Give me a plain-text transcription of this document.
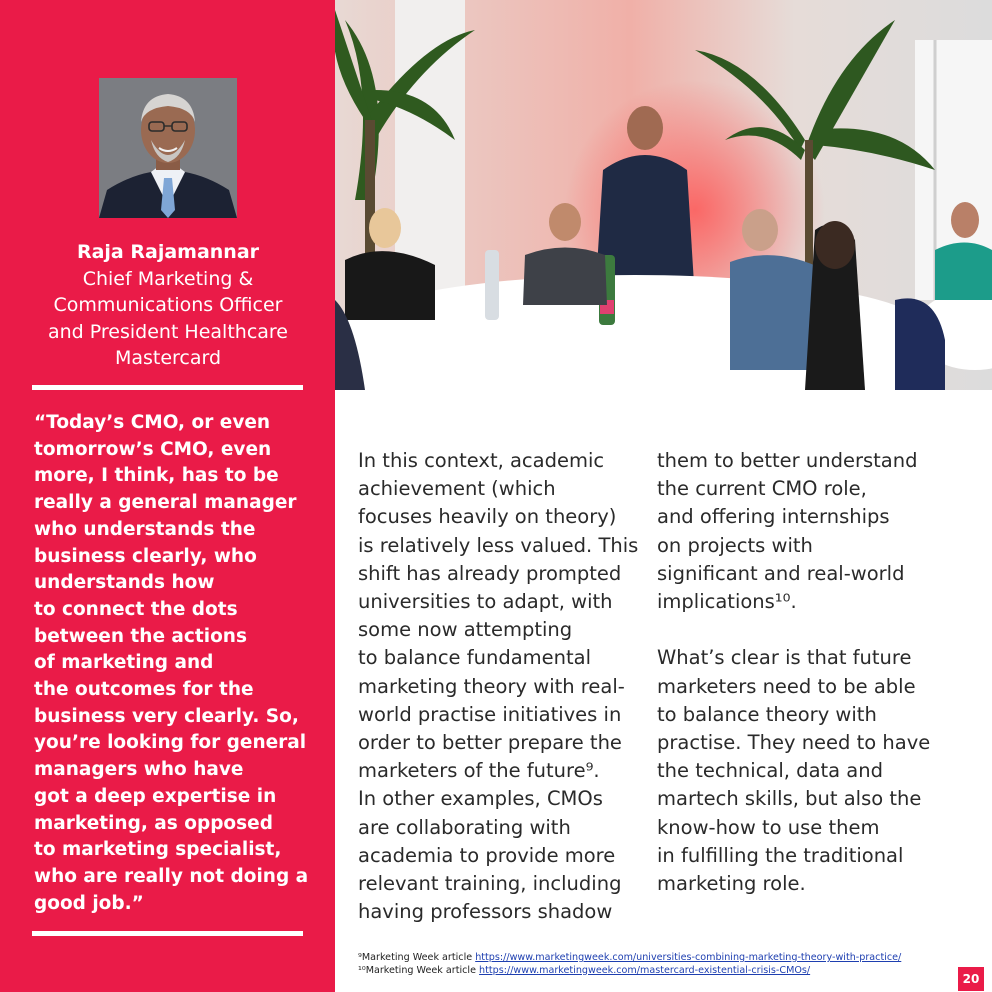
Raja Rajamannar
Chief Marketing &
Communications Officer
and President Healthcare
Mastercard
“Today’s CMO, or even
tomorrow’s CMO, even
more, I think, has to be
really a general manager
who understands the
business clearly, who
understands how
to connect the dots
between the actions
of marketing and
the outcomes for the
business very clearly. So,
you’re looking for general
managers who have
got a deep expertise in
marketing, as opposed
to marketing specialist,
who are really not doing a
good job.”
In this context, academic
achievement (which
focuses heavily on theory)
is relatively less valued. This
shift has already prompted
universities to adapt, with
some now attempting
to balance fundamental
marketing theory with real-
world practise initiatives in
order to better prepare the
marketers of the future⁹.
In other examples, CMOs
are collaborating with
academia to provide more
relevant training, including
having professors shadow
them to better understand
the current CMO role,
and offering internships
on projects with
significant and real-world
implications¹⁰.
What’s clear is that future
marketers need to be able
to balance theory with
practise. They need to have
the technical, data and
martech skills, but also the
know-how to use them
in fulfilling the traditional
marketing role.
⁹Marketing Week article https://www.marketingweek.com/universities-combining-marketing-theory-with-practice/
¹⁰Marketing Week article https://www.marketingweek.com/mastercard-existential-crisis-CMOs/
20
